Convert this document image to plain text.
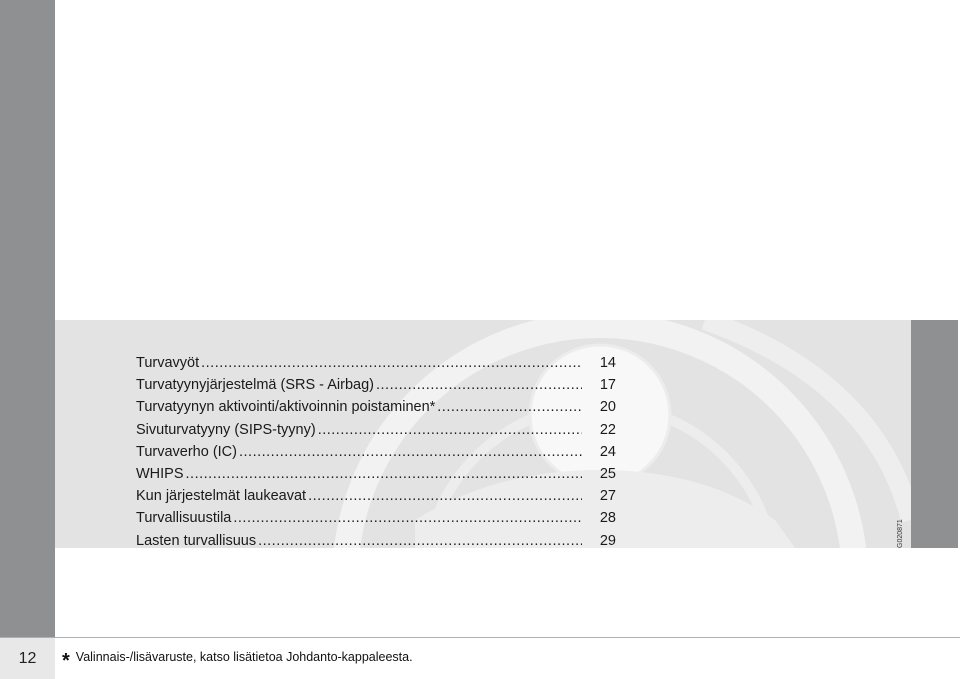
G020871
Turvavyöt .....	14
Turvatyynyjärjestelmä (SRS - Airbag) .....	17
Turvatyynyn aktivointi/aktivoinnin poistaminen* .....	20
Sivuturvatyyny (SIPS-tyyny) .....	22
Turvaverho (IC) .....	24
WHIPS .....	25
Kun järjestelmät laukeavat .....	27
Turvallisuustila .....	28
Lasten turvallisuus .....	29
12	* Valinnais-/lisävaruste, katso lisätietoa Johdanto-kappaleesta.
